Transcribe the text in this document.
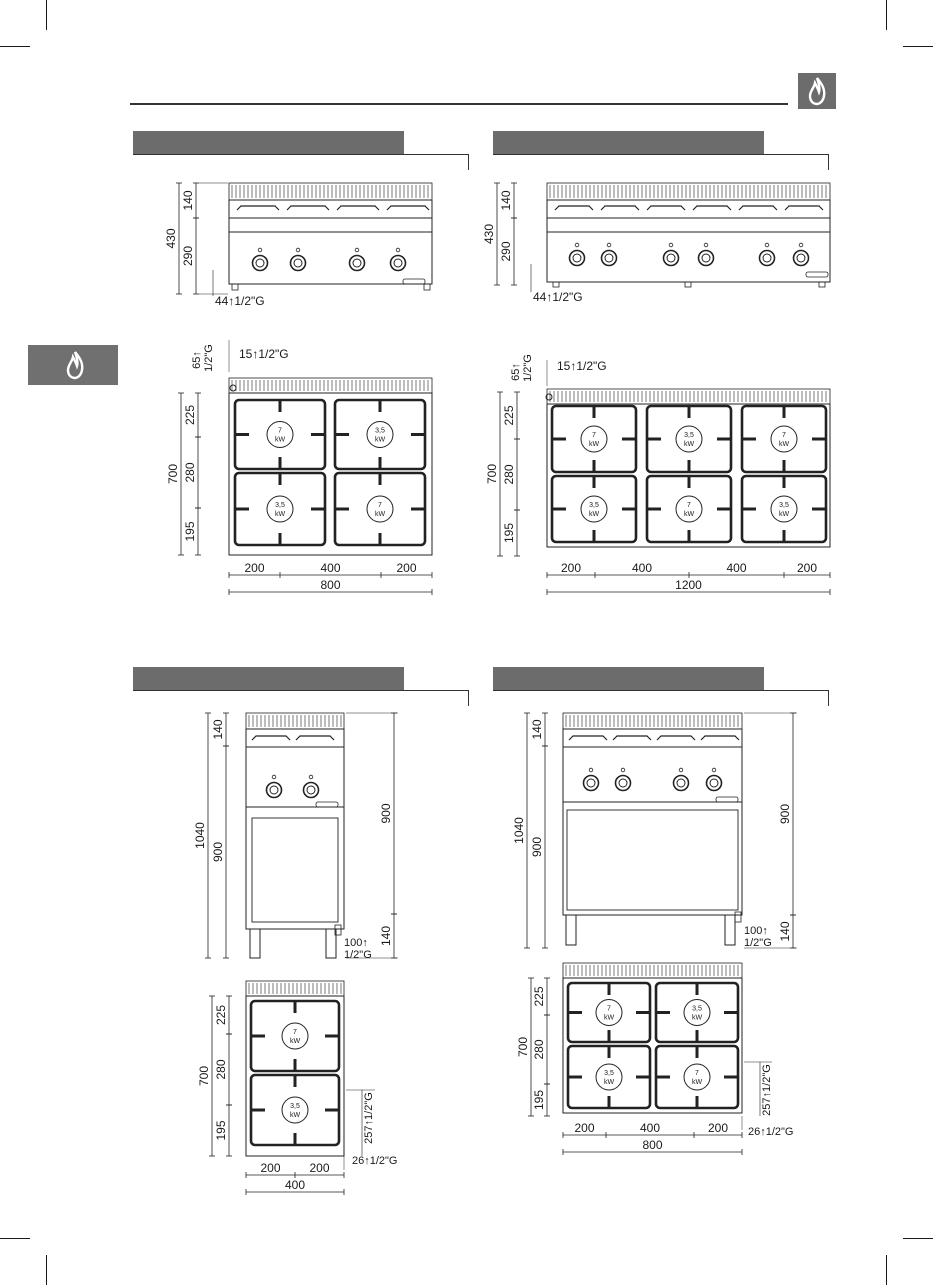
140
290
430
44↑1/2"G
7
kW
3,5
kW
3,5
kW
7
kW
225
280
195
700
65↑ 1/2"G 15↑1/2"G
200	400	200
800
140
290
430
44↑1/2"G
7
kW
3,5
kW
7
kW
3,5
kW
7
kW
3,5
kW
225
280
195
700
65↑ 1/2"G 15↑1/2"G
200	400	400	200
1200
140
900
1040
900
140
100↑
1/2"G
7
kW
3,5
kW
225
280
195
700
257↑1/2"G
200 200
400
26↑1/2"G
140
900
1040
900
140
100↑
1/2"G
7
kW
3,5
kW
3,5
kW
7
kW
225
280
195
700
257↑1/2"G
200	400	200
800
26↑1/2"G
